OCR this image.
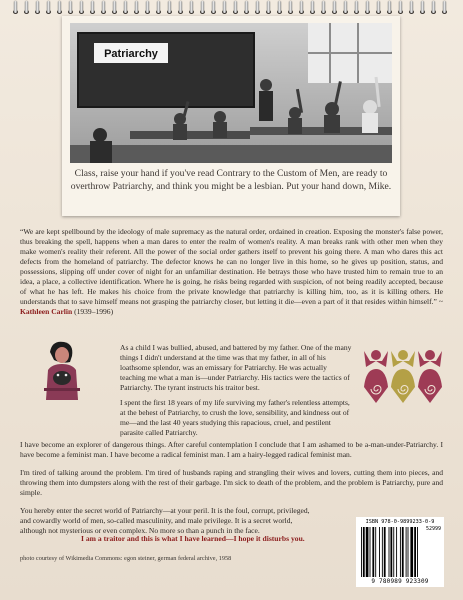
Patriarchy
Class, raise your hand if you've read Contrary to the Custom of Men, are ready to overthrow Patriarchy, and think you might be a lesbian. Put your hand down, Mike.
“We are kept spellbound by the ideology of male supremacy as the natural order, ordained in creation. Exposing the monster's false power, thus breaking the spell, happens when a man dares to enter the realm of women's reality. A man breaks rank with other men when they make women's reality their referent. All the power of the social order gathers itself to prevent his going there. A man who dares this act defects from the homeland of patriarchy. The defector knows he can no longer live in this home, so he gives up position, status, and possessions, slipping off under cover of night for an unfamiliar destination. He betrays those who have trusted him to remain true to an idea, a place, a collective identification. Where he is going, he risks being regarded with suspicion, of not being readily accepted, because of what he has left. He makes his choice from the private knowledge that patriarchy is killing him, too, as it is killing others. He understands that to save himself means not grasping the patriarchy closer, but letting it die—even a part of it that resides within himself.” ~ Kathleen Carlin (1939–1996)

As a child I was bullied, abused, and battered by my father. One of the many things I didn't understand at the time was that my father, in all of his loathsome splendor, was an emissary for Patriarchy. He was actually teaching me what a man is—under Patriarchy. His tactics were the tactics of Patriarchy. The tyrant instructs his traitor best.

I spent the first 18 years of my life surviving my father's relentless attempts, at the behest of Patriarchy, to crush the love, sensibility, and kindness out of me—and the last 40 years studying this rapacious, cruel, and pestilent parasite called Patriarchy.

I have become an explorer of dangerous things. After careful contemplation I conclude that I am ashamed to be a-man-under-Patriarchy. I have become a feminist man. I have become a radical feminist man. I am a hairy-legged radical feminist man.

I'm tired of talking around the problem. I'm tired of husbands raping and strangling their wives and lovers, cutting them into pieces, and throwing them into dumpsters along with the rest of their garbage. I'm sick to death of the problem, and the problem is Patriarchy, pure and simple.

You hereby enter the secret world of Patriarchy—at your peril. It is the foul, corrupt, privileged, and cowardly world of men, so-called masculinity, and male privilege. It is a secret world, although not mysterious or even complex. No more so than a punch in the face.

I am a traitor and this is what I have learned—I hope it disturbs you.
photo courtesy of Wikimedia Commons: egon steiner, german federal archive, 1958
ISBN 978-0-9899233-0-9
52999
9 780989 923309
